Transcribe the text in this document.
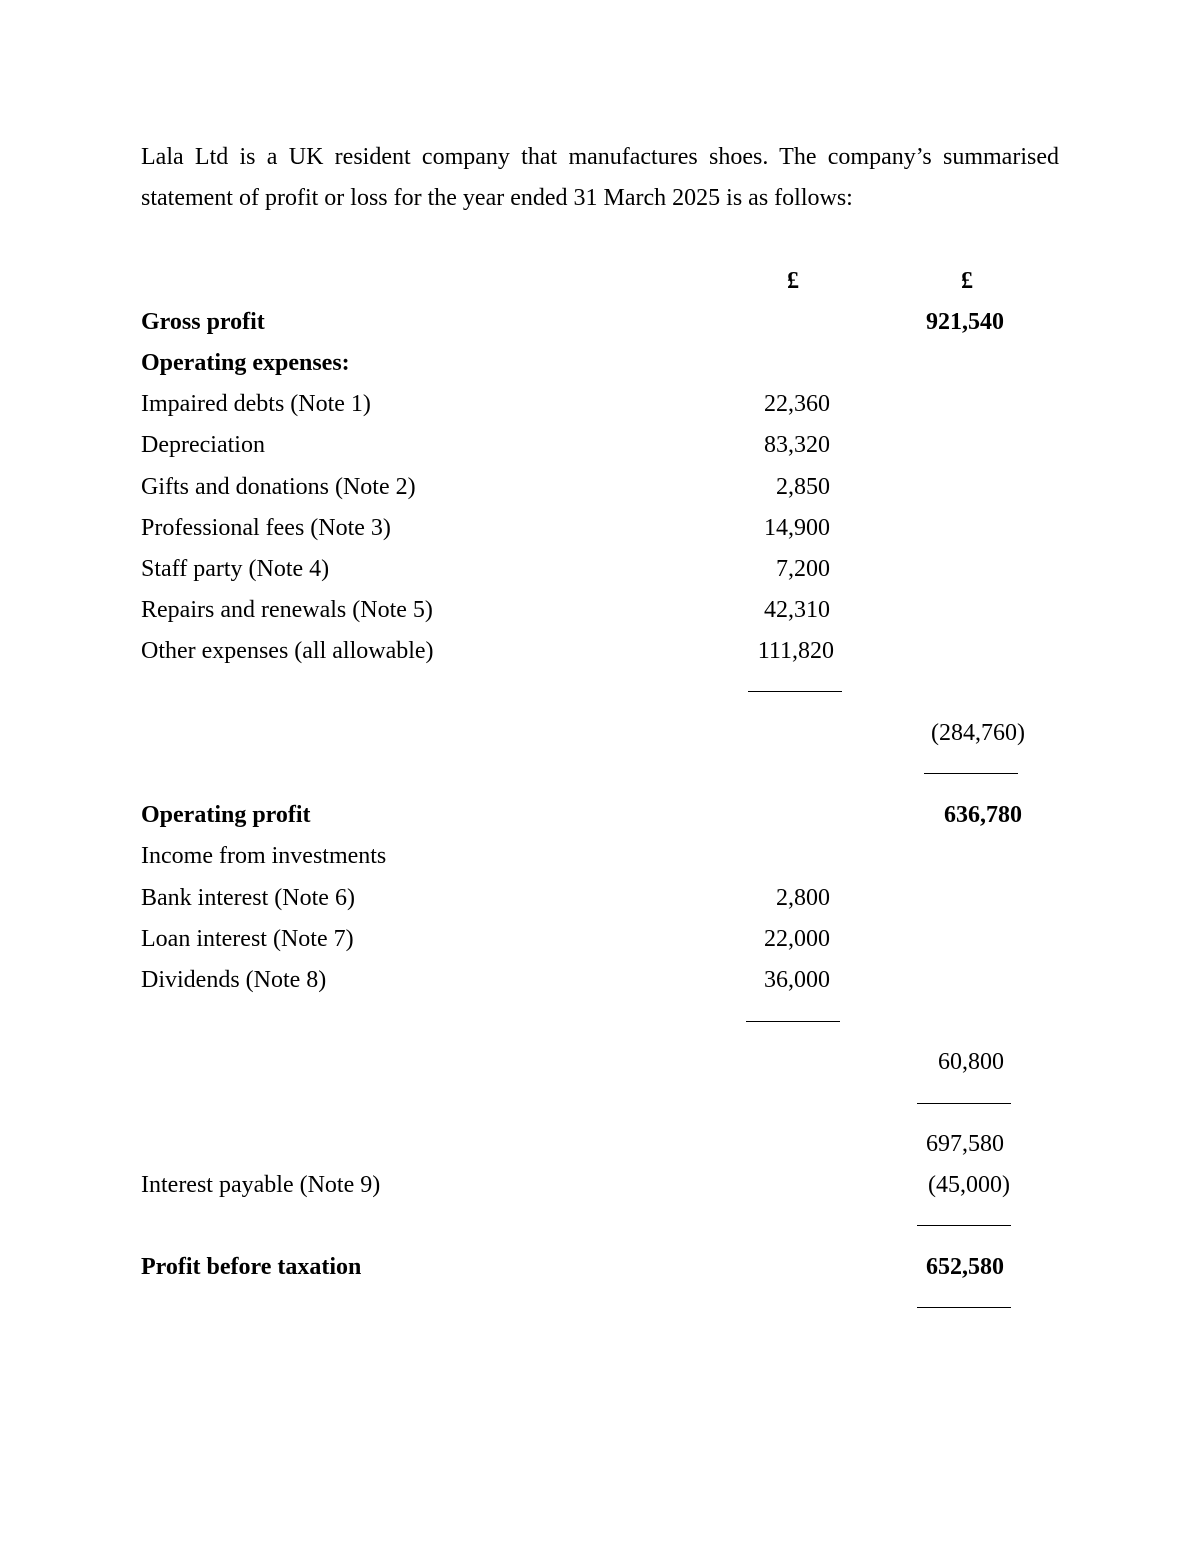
Lala Ltd is a UK resident company that manufactures shoes. The company’s summarised statement of profit or loss for the year ended 31 March 2025 is as follows:

£	£
Gross profit	921,540
Operating expenses:
Impaired debts (Note 1)	22,360
Depreciation	83,320
Gifts and donations (Note 2)	2,850
Professional fees (Note 3)	14,900
Staff party (Note 4)	7,200
Repairs and renewals (Note 5)	42,310
Other expenses (all allowable)	111,820
(284,760)
Operating profit	636,780
Income from investments
Bank interest (Note 6)	2,800
Loan interest (Note 7)	22,000
Dividends (Note 8)	36,000
60,800
697,580
Interest payable (Note 9)	(45,000)
Profit before taxation	652,580
